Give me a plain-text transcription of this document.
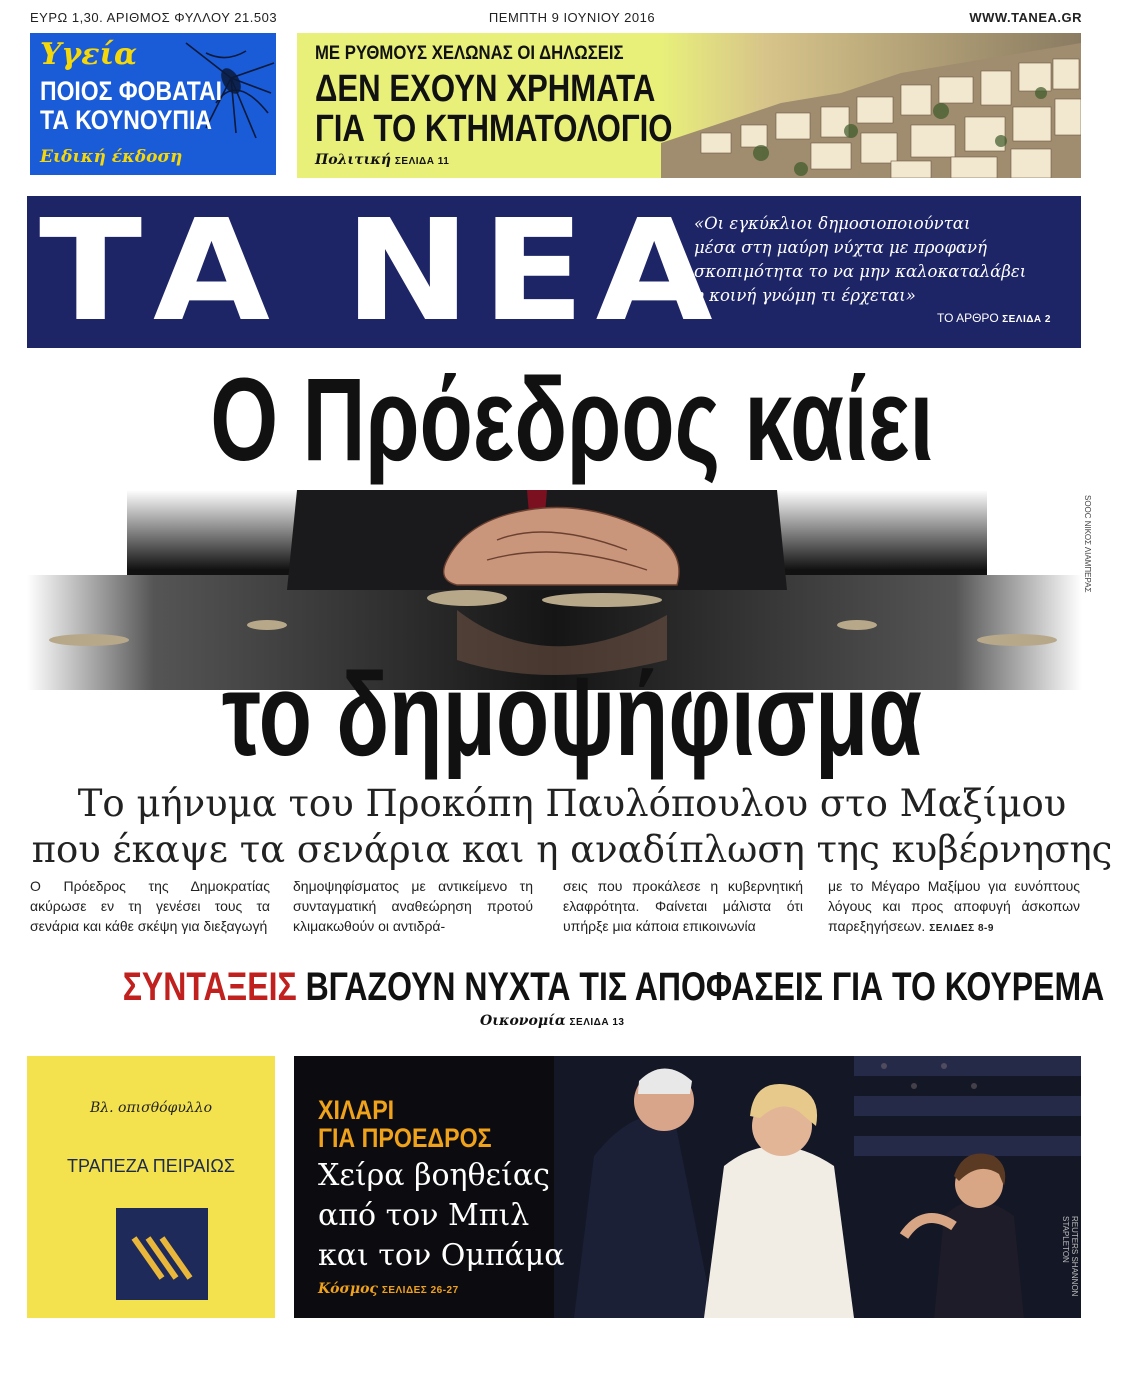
ΕΥΡΩ 1,30. ΑΡΙΘΜΟΣ ΦΥΛΛΟΥ 21.503	ΠΕΜΠΤΗ 9 ΙΟΥΝΙΟΥ 2016	WWW.TANEA.GR
Υγεία
ΠΟΙΟΣ ΦΟΒΑΤΑΙ
ΤΑ ΚΟΥΝΟΥΠΙΑ
Ειδική έκδοση
ΜΕ ΡΥΘΜΟΥΣ ΧΕΛΩΝΑΣ ΟΙ ΔΗΛΩΣΕΙΣ
ΔΕΝ ΕΧΟΥΝ ΧΡΗΜΑΤΑ
ΓΙΑ ΤΟ ΚΤΗΜΑΤΟΛΟΓΙΟ
Πολιτική ΣΕΛΙΔΑ 11
ΤΑ ΝΕΑ
«Οι εγκύκλιοι δημοσιοποιούνται
μέσα στη μαύρη νύχτα με προφανή
σκοπιμότητα το να μην καλοκαταλάβει
η κοινή γνώμη τι έρχεται»
ΤΟ ΑΡΘΡΟ ΣΕΛΙΔΑ 2
Ο Πρόεδρος καίει
SOOC ΝΙΚΟΣ ΛΙΑΜΠΕΡΑΣ
το δημοψήφισμα
Το μήνυμα του Προκόπη Παυλόπουλου στο Μαξίμου
που έκαψε τα σενάρια και η αναδίπλωση της κυβέρνησης
Ο Πρόεδρος της Δημοκρατίας ακύρωσε εν τη γενέσει τους τα σενάρια και κάθε σκέψη για διεξαγωγή
δημοψηφίσματος με αντικείμενο τη συνταγματική αναθεώρηση προτού κλιμακωθούν οι αντιδρά-
σεις που προκάλεσε η κυβερνητική ελαφρότητα. Φαίνεται μάλιστα ότι υπήρξε μια κάποια επικοινωνία
με το Μέγαρο Μαξίμου για ευνόπτους λόγους και προς αποφυγή άσκοπων παρεξηγήσεων. ΣΕΛΙΔΕΣ 8-9
ΣΥΝΤΑΞΕΙΣ ΒΓΑΖΟΥΝ ΝΥΧΤΑ ΤΙΣ ΑΠΟΦΑΣΕΙΣ ΓΙΑ ΤΟ ΚΟΥΡΕΜΑ
Οικονομία ΣΕΛΙΔΑ 13
Βλ. οπισθόφυλλο
ΤΡΑΠΕΖΑ ΠΕΙΡΑΙΩΣ
REUTERS SHANNON STAPLETON
ΧΙΛΑΡΙ
ΓΙΑ ΠΡΟΕΔΡΟΣ
Χείρα βοηθείας
από τον Μπιλ
και τον Ομπάμα
Κόσμος ΣΕΛΙΔΕΣ 26-27
